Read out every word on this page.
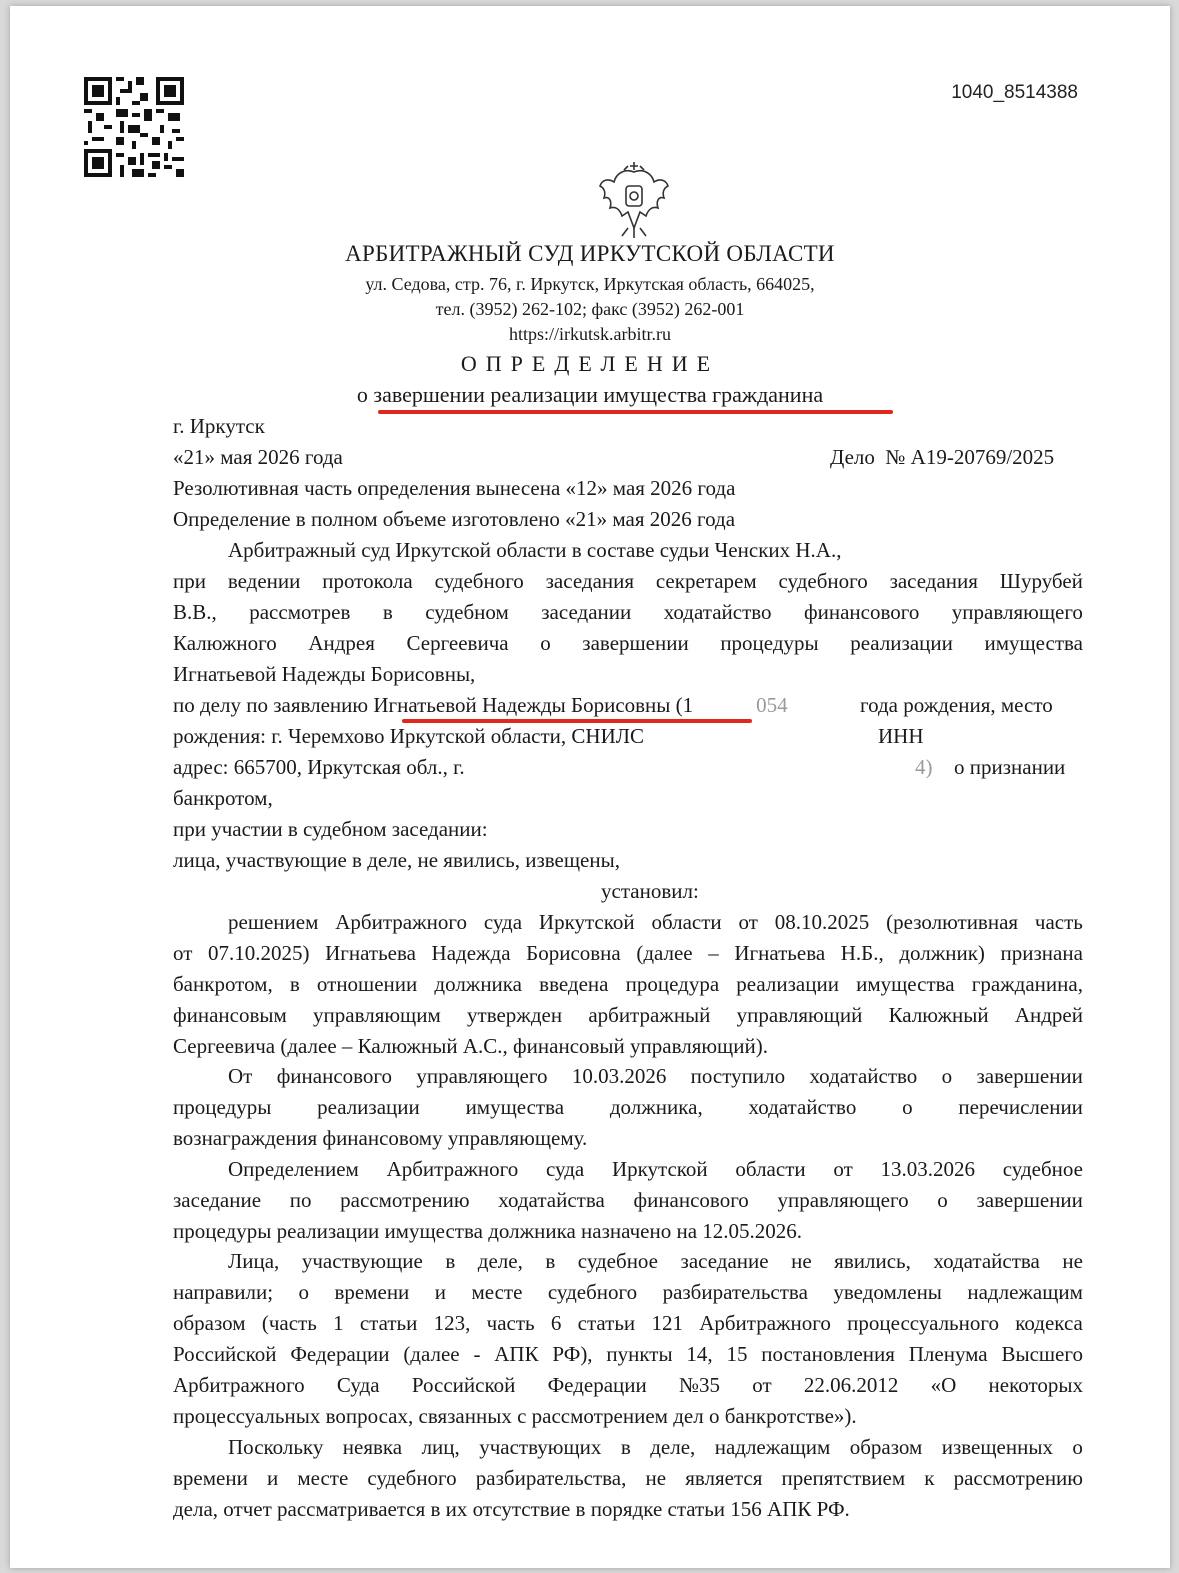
1040_8514388
АРБИТРАЖНЫЙ СУД ИРКУТСКОЙ ОБЛАСТИ
ул. Седова, стр. 76, г. Иркутск, Иркутская область, 664025,
тел. (3952) 262-102; факс (3952) 262-001
https://irkutsk.arbitr.ru
ОПРЕДЕЛЕНИЕ
о завершении реализации имущества гражданина
г. Иркутск
«21» мая 2026 года	Дело № А19-20769/2025
Резолютивная часть определения вынесена «12» мая 2026 года
Определение в полном объеме изготовлено «21» мая 2026 года
Арбитражный суд Иркутской области в составе судьи Ченских Н.А.,
при ведении протокола судебного заседания секретарем судебного заседания Шурубей
В.В., рассмотрев в судебном заседании ходатайство финансового управляющего
Калюжного Андрея Сергеевича о завершении процедуры реализации имущества
Игнатьевой Надежды Борисовны,
по делу по заявлению Игнатьевой Надежды Борисовны (1	054	года рождения, место
рождения: г. Черемхово Иркутской области, СНИЛС	ИНН
адрес: 665700, Иркутская обл., г.	4) о признании
банкротом,
при участии в судебном заседании:
лица, участвующие в деле, не явились, извещены,
установил:
решением Арбитражного суда Иркутской области от 08.10.2025 (резолютивная часть
от 07.10.2025) Игнатьева Надежда Борисовна (далее – Игнатьева Н.Б., должник) признана
банкротом, в отношении должника введена процедура реализации имущества гражданина,
финансовым управляющим утвержден арбитражный управляющий Калюжный Андрей
Сергеевича (далее – Калюжный А.С., финансовый управляющий).
От финансового управляющего 10.03.2026 поступило ходатайство о завершении
процедуры реализации имущества должника, ходатайство о перечислении
вознаграждения финансовому управляющему.
Определением Арбитражного суда Иркутской области от 13.03.2026 судебное
заседание по рассмотрению ходатайства финансового управляющего о завершении
процедуры реализации имущества должника назначено на 12.05.2026.
Лица, участвующие в деле, в судебное заседание не явились, ходатайства не
направили; о времени и месте судебного разбирательства уведомлены надлежащим
образом (часть 1 статьи 123, часть 6 статьи 121 Арбитражного процессуального кодекса
Российской Федерации (далее - АПК РФ), пункты 14, 15 постановления Пленума Высшего
Арбитражного Суда Российской Федерации №35 от 22.06.2012 «О некоторых
процессуальных вопросах, связанных с рассмотрением дел о банкротстве»).
Поскольку неявка лиц, участвующих в деле, надлежащим образом извещенных о
времени и месте судебного разбирательства, не является препятствием к рассмотрению
дела, отчет рассматривается в их отсутствие в порядке статьи 156 АПК РФ.
